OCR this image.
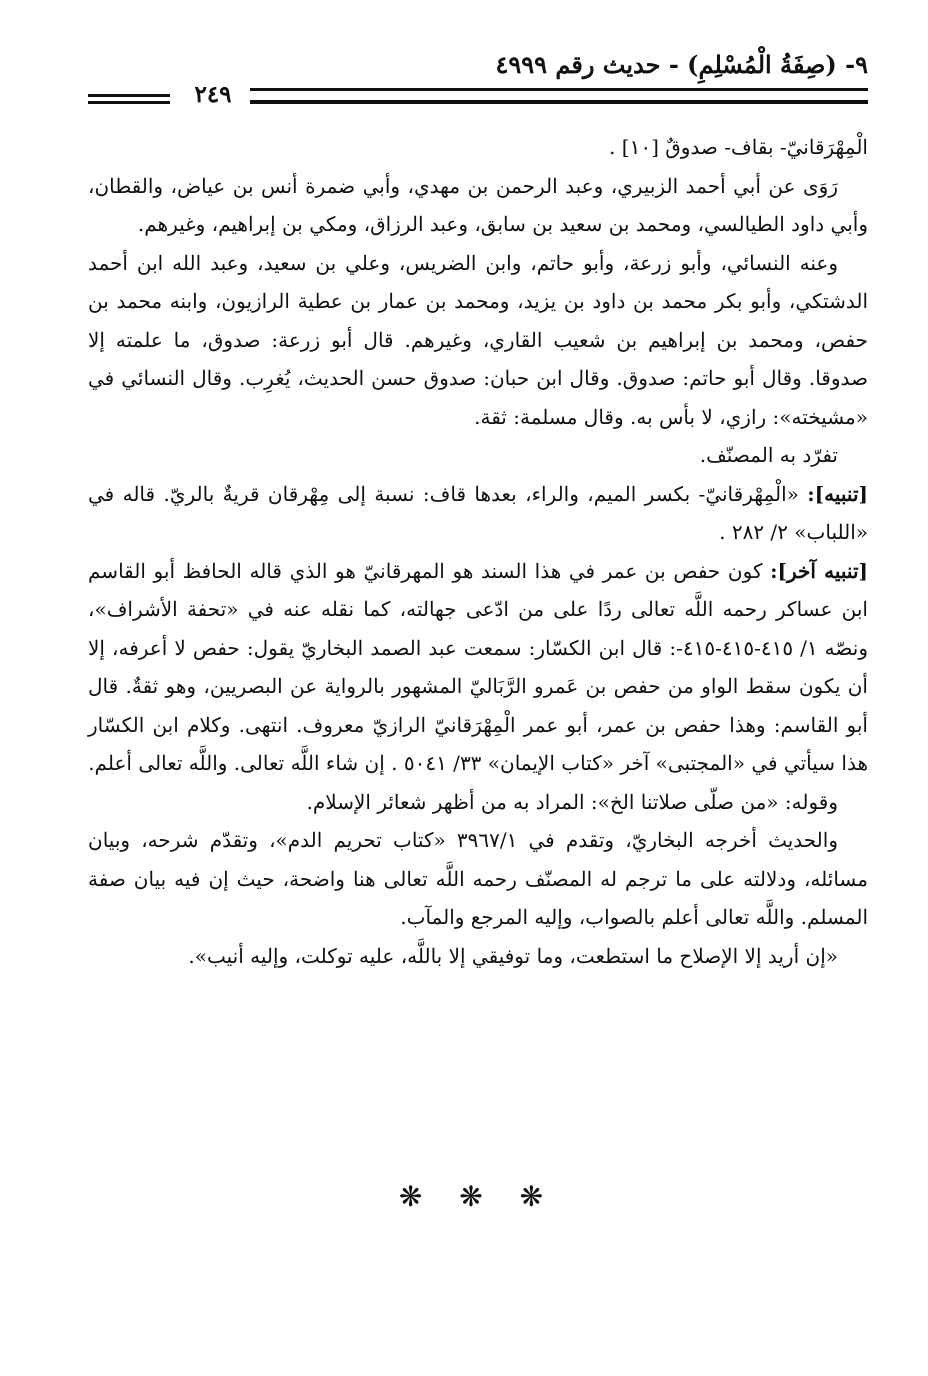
٩- (صِفَةُ الْمُسْلِمِ) - حديث رقم ٤٩٩٩
٢٤٩

الْمِهْرَقانيّ- بقاف- صدوقٌ [١٠] .

رَوَى عن أبي أحمد الزبيري، وعبد الرحمن بن مهدي، وأبي ضمرة أنس بن عياض، والقطان، وأبي داود الطيالسي، ومحمد بن سعيد بن سابق، وعبد الرزاق، ومكي بن إبراهيم، وغيرهم.

وعنه النسائي، وأبو زرعة، وأبو حاتم، وابن الضريس، وعلي بن سعيد، وعبد الله ابن أحمد الدشتكي، وأبو بكر محمد بن داود بن يزيد، ومحمد بن عمار بن عطية الرازيون، وابنه محمد بن حفص، ومحمد بن إبراهيم بن شعيب القاري، وغيرهم. قال أبو زرعة: صدوق، ما علمته إلا صدوقا. وقال أبو حاتم: صدوق. وقال ابن حبان: صدوق حسن الحديث، يُغرِب. وقال النسائي في «مشيخته»: رازي، لا بأس به. وقال مسلمة: ثقة.

تفرّد به المصنّف.

[تنبيه]: «الْمِهْرقانيّ- بكسر الميم، والراء، بعدها قاف: نسبة إلى مِهْرقان قريةٌ بالريّ. قاله في «اللباب» ٢/ ٢٨٢ .

[تنبيه آخر]: كون حفص بن عمر في هذا السند هو المهرقانيّ هو الذي قاله الحافظ أبو القاسم ابن عساكر رحمه اللَّه تعالى ردًا على من ادّعى جهالته، كما نقله عنه في «تحفة الأشراف»، ونصّه ١/ ٤١٥-٤١٥-٤١٥-: قال ابن الكسّار: سمعت عبد الصمد البخاريّ يقول: حفص لا أعرفه، إلا أن يكون سقط الواو من حفص بن عَمرو الرَّبَاليّ المشهور بالرواية عن البصريين، وهو ثقةٌ. قال أبو القاسم: وهذا حفص بن عمر، أبو عمر الْمِهْرَقانيّ الرازيّ معروف. انتهى. وكلام ابن الكسّار هذا سيأتي في «المجتبى» آخر «كتاب الإيمان» ٣٣/ ٥٠٤١ . إن شاء اللَّه تعالى. واللَّه تعالى أعلم.

وقوله: «من صلّى صلاتنا الخ»: المراد به من أظهر شعائر الإسلام.

والحديث أخرجه البخاريّ، وتقدم في ٣٩٦٧/١ «كتاب تحريم الدم»، وتقدّم شرحه، وبيان مسائله، ودلالته على ما ترجم له المصنّف رحمه اللَّه تعالى هنا واضحة، حيث إن فيه بيان صفة المسلم. واللَّه تعالى أعلم بالصواب، وإليه المرجع والمآب.

«إن أريد إلا الإصلاح ما استطعت، وما توفيقي إلا باللَّه، عليه توكلت، وإليه أنيب».

❋ ❋ ❋
